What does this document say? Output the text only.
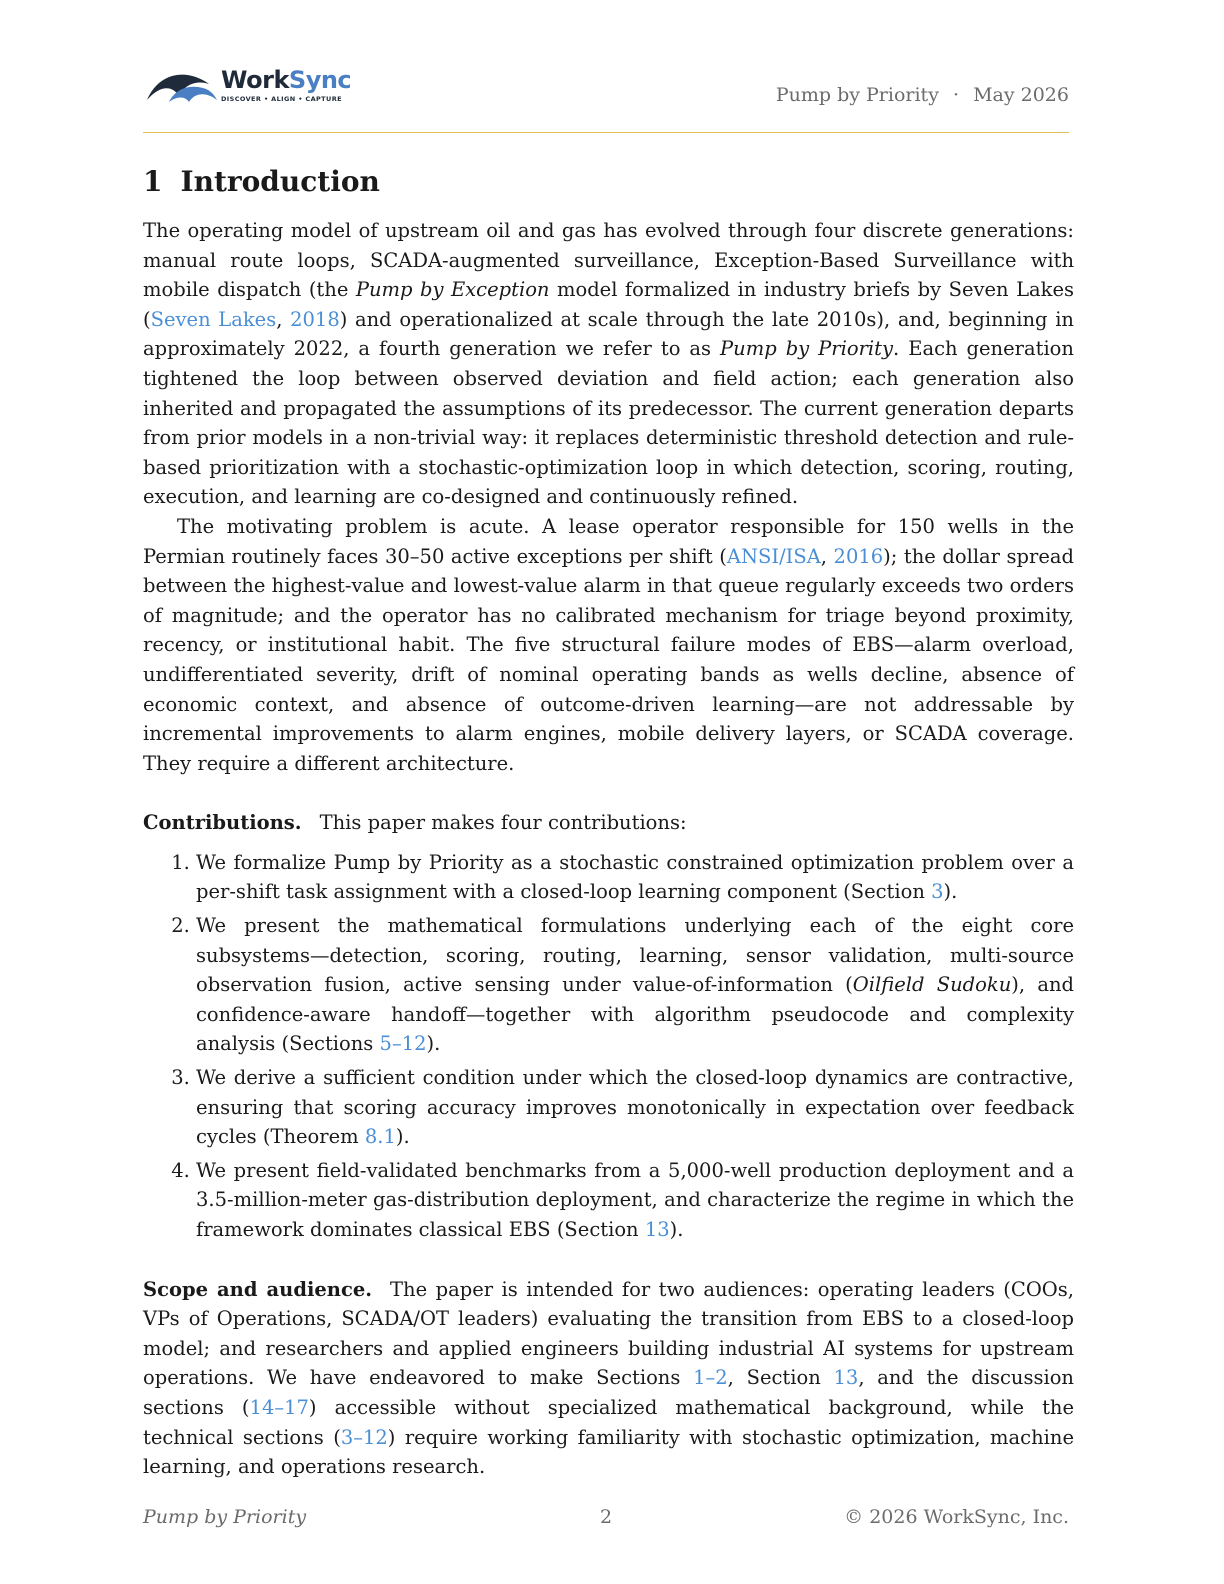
WorkSync
DISCOVER • ALIGN • CAPTURE	Pump by Priority · May 2026
1 Introduction

The operating model of upstream oil and gas has evolved through four discrete generations: manual route loops, SCADA-augmented surveillance, Exception-Based Surveillance with mobile dispatch (the Pump by Exception model formalized in industry briefs by Seven Lakes (Seven Lakes, 2018) and operationalized at scale through the late 2010s), and, beginning in approximately 2022, a fourth generation we refer to as Pump by Priority. Each generation tightened the loop between observed deviation and field action; each generation also inherited and propagated the assumptions of its predecessor. The current generation departs from prior models in a non-trivial way: it replaces deterministic threshold detection and rule-based prioritization with a stochastic-optimization loop in which detection, scoring, routing, execution, and learning are co-designed and continuously refined.

The motivating problem is acute. A lease operator responsible for 150 wells in the Permian routinely faces 30–50 active exceptions per shift (ANSI/ISA, 2016); the dollar spread between the highest-value and lowest-value alarm in that queue regularly exceeds two orders of magnitude; and the operator has no calibrated mechanism for triage beyond proximity, recency, or institutional habit. The five structural failure modes of EBS—alarm overload, undifferentiated severity, drift of nominal operating bands as wells decline, absence of economic context, and absence of outcome-driven learning—are not addressable by incremental improvements to alarm engines, mobile delivery layers, or SCADA coverage. They require a different architecture.

Contributions. This paper makes four contributions:

1. We formalize Pump by Priority as a stochastic constrained optimization problem over a per-shift task assignment with a closed-loop learning component (Section 3).
2. We present the mathematical formulations underlying each of the eight core subsystems—detection, scoring, routing, learning, sensor validation, multi-source observation fusion, active sensing under value-of-information (Oilfield Sudoku), and confidence-aware handoff—together with algorithm pseudocode and complexity analysis (Sections 5–12).
3. We derive a sufficient condition under which the closed-loop dynamics are contractive, ensuring that scoring accuracy improves monotonically in expectation over feedback cycles (Theorem 8.1).
4. We present field-validated benchmarks from a 5,000-well production deployment and a 3.5-million-meter gas-distribution deployment, and characterize the regime in which the framework dominates classical EBS (Section 13).

Scope and audience. The paper is intended for two audiences: operating leaders (COOs, VPs of Operations, SCADA/OT leaders) evaluating the transition from EBS to a closed-loop model; and researchers and applied engineers building industrial AI systems for upstream operations. We have endeavored to make Sections 1–2, Section 13, and the discussion sections (14–17) accessible without specialized mathematical background, while the technical sections (3–12) require working familiarity with stochastic optimization, machine learning, and operations research.

Pump by Priority	2	© 2026 WorkSync, Inc.
